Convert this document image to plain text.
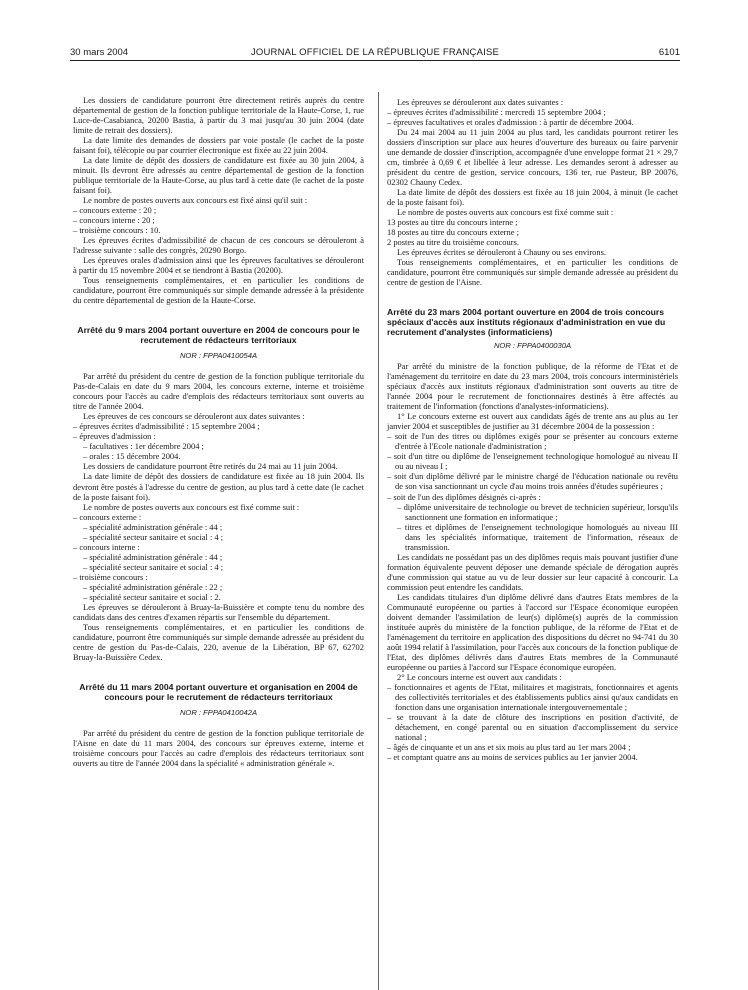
30 mars 2004	JOURNAL OFFICIEL DE LA RÉPUBLIQUE FRANÇAISE	6101

Les dossiers de candidature pourront être directement retirés auprès du centre départemental de gestion de la fonction publique territoriale de la Haute-Corse, 1, rue Luce-de-Casabianca, 20200 Bastia, à partir du 3 mai jusqu'au 30 juin 2004 (date limite de retrait des dossiers).

La date limite des demandes de dossiers par voie postale (le cachet de la poste faisant foi), télécopie ou par courrier électronique est fixée au 22 juin 2004.

La date limite de dépôt des dossiers de candidature est fixée au 30 juin 2004, à minuit. Ils devront être adressés au centre départemental de gestion de la fonction publique territoriale de la Haute-Corse, au plus tard à cette date (le cachet de la poste faisant foi).

Le nombre de postes ouverts aux concours est fixé ainsi qu'il suit :

– concours externe : 20 ;

– concours interne : 20 ;

– troisième concours : 10.

Les épreuves écrites d'admissibilité de chacun de ces concours se dérouleront à l'adresse suivante : salle des congrès, 20290 Borgo.

Les épreuves orales d'admission ainsi que les épreuves facultatives se dérouleront à partir du 15 novembre 2004 et se tiendront à Bastia (20200).

Tous renseignements complémentaires, et en particulier les conditions de candidature, pourront être communiqués sur simple demande adressée à la présidente du centre départemental de gestion de la Haute-Corse.

Arrêté du 9 mars 2004 portant ouverture en 2004 de concours pour le recrutement de rédacteurs territoriaux

NOR : FPPA0410054A

Par arrêté du président du centre de gestion de la fonction publique territoriale du Pas-de-Calais en date du 9 mars 2004, les concours externe, interne et troisième concours pour l'accès au cadre d'emplois des rédacteurs territoriaux sont ouverts au titre de l'année 2004.

Les épreuves de ces concours se dérouleront aux dates suivantes :

– épreuves écrites d'admissibilité : 15 septembre 2004 ;

– épreuves d'admission :

– facultatives : 1er décembre 2004 ;

– orales : 15 décembre 2004.

Les dossiers de candidature pourront être retirés du 24 mai au 11 juin 2004.

La date limite de dépôt des dossiers de candidature est fixée au 18 juin 2004. Ils devront être postés à l'adresse du centre de gestion, au plus tard à cette date (le cachet de la poste faisant foi).

Le nombre de postes ouverts aux concours est fixé comme suit :

– concours externe :

– spécialité administration générale : 44 ;

– spécialité secteur sanitaire et social : 4 ;

– concours interne :

– spécialité administration générale : 44 ;

– spécialité secteur sanitaire et social : 4 ;

– troisième concours :

– spécialité administration générale : 22 ;

– spécialité secteur sanitaire et social : 2.

Les épreuves se dérouleront à Bruay-la-Buissière et compte tenu du nombre des candidats dans des centres d'examen répartis sur l'ensemble du département.

Tous renseignements complémentaires, et en particulier les conditions de candidature, pourront être communiqués sur simple demande adressée au président du centre de gestion du Pas-de-Calais, 220, avenue de la Libération, BP 67, 62702 Bruay-la-Buissière Cedex.

Arrêté du 11 mars 2004 portant ouverture et organisation en 2004 de concours pour le recrutement de rédacteurs territoriaux

NOR : FPPA0410042A

Par arrêté du président du centre de gestion de la fonction publique territoriale de l'Aisne en date du 11 mars 2004, des concours sur épreuves externe, interne et troisième concours pour l'accès au cadre d'emplois des rédacteurs territoriaux sont ouverts au titre de l'année 2004 dans la spécialité « administration générale ».

Les épreuves se dérouleront aux dates suivantes :

– épreuves écrites d'admissibilité : mercredi 15 septembre 2004 ;

– épreuves facultatives et orales d'admission : à partir de décembre 2004.

Du 24 mai 2004 au 11 juin 2004 au plus tard, les candidats pourront retirer les dossiers d'inscription sur place aux heures d'ouverture des bureaux ou faire parvenir une demande de dossier d'inscription, accompagnée d'une enveloppe format 21 × 29,7 cm, timbrée à 0,69 € et libellée à leur adresse. Les demandes seront à adresser au président du centre de gestion, service concours, 136 ter, rue Pasteur, BP 20076, 02302 Chauny Cedex.

La date limite de dépôt des dossiers est fixée au 18 juin 2004, à minuit (le cachet de la poste faisant foi).

Le nombre de postes ouverts aux concours est fixé comme suit :

13 postes au titre du concours interne ;

18 postes au titre du concours externe ;

2 postes au titre du troisième concours.

Les épreuves écrites se dérouleront à Chauny ou ses environs.

Tous renseignements complémentaires, et en particulier les conditions de candidature, pourront être communiqués sur simple demande adressée au président du centre de gestion de l'Aisne.

Arrêté du 23 mars 2004 portant ouverture en 2004 de trois concours spéciaux d'accès aux instituts régionaux d'administration en vue du recrutement d'analystes (informaticiens)

NOR : FPPA0400030A

Par arrêté du ministre de la fonction publique, de la réforme de l'Etat et de l'aménagement du territoire en date du 23 mars 2004, trois concours interministériels spéciaux d'accès aux instituts régionaux d'administration sont ouverts au titre de l'année 2004 pour le recrutement de fonctionnaires destinés à être affectés au traitement de l'information (fonctions d'analystes-informaticiens).

1° Le concours externe est ouvert aux candidats âgés de trente ans au plus au 1er janvier 2004 et susceptibles de justifier au 31 décembre 2004 de la possession :

– soit de l'un des titres ou diplômes exigés pour se présenter au concours externe d'entrée à l'Ecole nationale d'administration ;

– soit d'un titre ou diplôme de l'enseignement technologique homologué au niveau II ou au niveau I ;

– soit d'un diplôme délivré par le ministre chargé de l'éducation nationale ou revêtu de son visa sanctionnant un cycle d'au moins trois années d'études supérieures ;

– soit de l'un des diplômes désignés ci-après :

– diplôme universitaire de technologie ou brevet de technicien supérieur, lorsqu'ils sanctionnent une formation en informatique ;

– titres et diplômes de l'enseignement technologique homologués au niveau III dans les spécialités informatique, traitement de l'information, réseaux de transmission.

Les candidats ne possédant pas un des diplômes requis mais pouvant justifier d'une formation équivalente peuvent déposer une demande spéciale de dérogation auprès d'une commission qui statue au vu de leur dossier sur leur capacité à concourir. La commission peut entendre les candidats.

Les candidats titulaires d'un diplôme délivré dans d'autres Etats membres de la Communauté européenne ou parties à l'accord sur l'Espace économique européen doivent demander l'assimilation de leur(s) diplôme(s) auprès de la commission instituée auprès du ministère de la fonction publique, de la réforme de l'Etat et de l'aménagement du territoire en application des dispositions du décret no 94-741 du 30 août 1994 relatif à l'assimilation, pour l'accès aux concours de la fonction publique de l'Etat, des diplômes délivrés dans d'autres Etats membres de la Communauté européenne ou parties à l'accord sur l'Espace économique européen.

2° Le concours interne est ouvert aux candidats :

– fonctionnaires et agents de l'Etat, militaires et magistrats, fonctionnaires et agents des collectivités territoriales et des établissements publics ainsi qu'aux candidats en fonction dans une organisation internationale intergouvernementale ;

– se trouvant à la date de clôture des inscriptions en position d'activité, de détachement, en congé parental ou en situation d'accomplissement du service national ;

– âgés de cinquante et un ans et six mois au plus tard au 1er mars 2004 ;

– et comptant quatre ans au moins de services publics au 1er janvier 2004.
